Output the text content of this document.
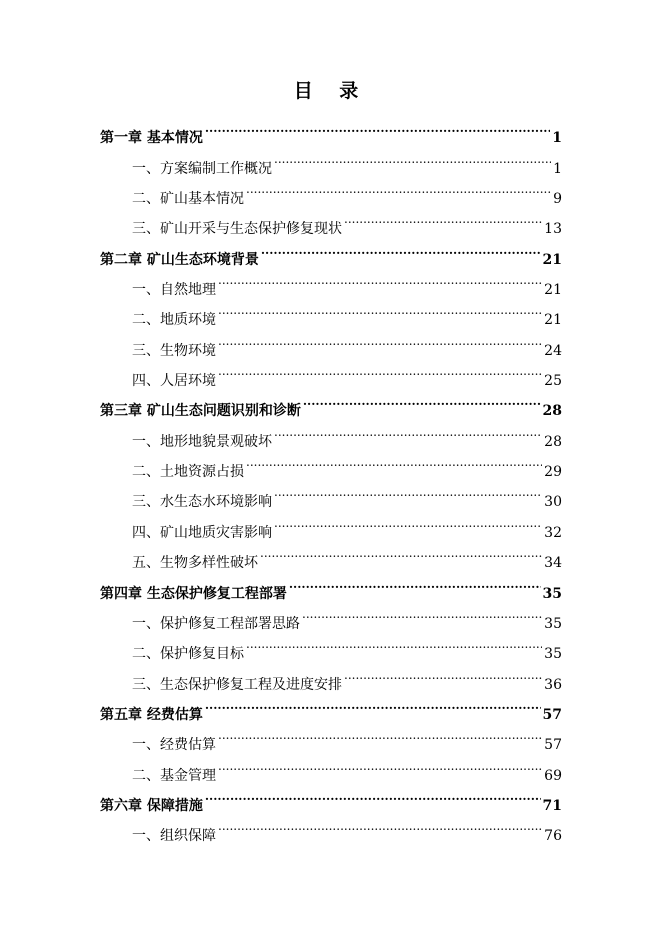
目 录
第一章 基本情况 .....	1
一、方案编制工作概况 .....	1
二、矿山基本情况 .....	9
三、矿山开采与生态保护修复现状 .....	13
第二章 矿山生态环境背景 .....	21
一、自然地理 .....	21
二、地质环境 .....	21
三、生物环境 .....	24
四、人居环境 .....	25
第三章 矿山生态问题识别和诊断 .....	28
一、地形地貌景观破坏 .....	28
二、土地资源占损 .....	29
三、水生态水环境影响 .....	30
四、矿山地质灾害影响 .....	32
五、生物多样性破坏 .....	34
第四章 生态保护修复工程部署 .....	35
一、保护修复工程部署思路 .....	35
二、保护修复目标 .....	35
三、生态保护修复工程及进度安排 .....	36
第五章 经费估算 .....	57
一、经费估算 .....	57
二、基金管理 .....	69
第六章 保障措施 .....	71
一、组织保障 .....	76
